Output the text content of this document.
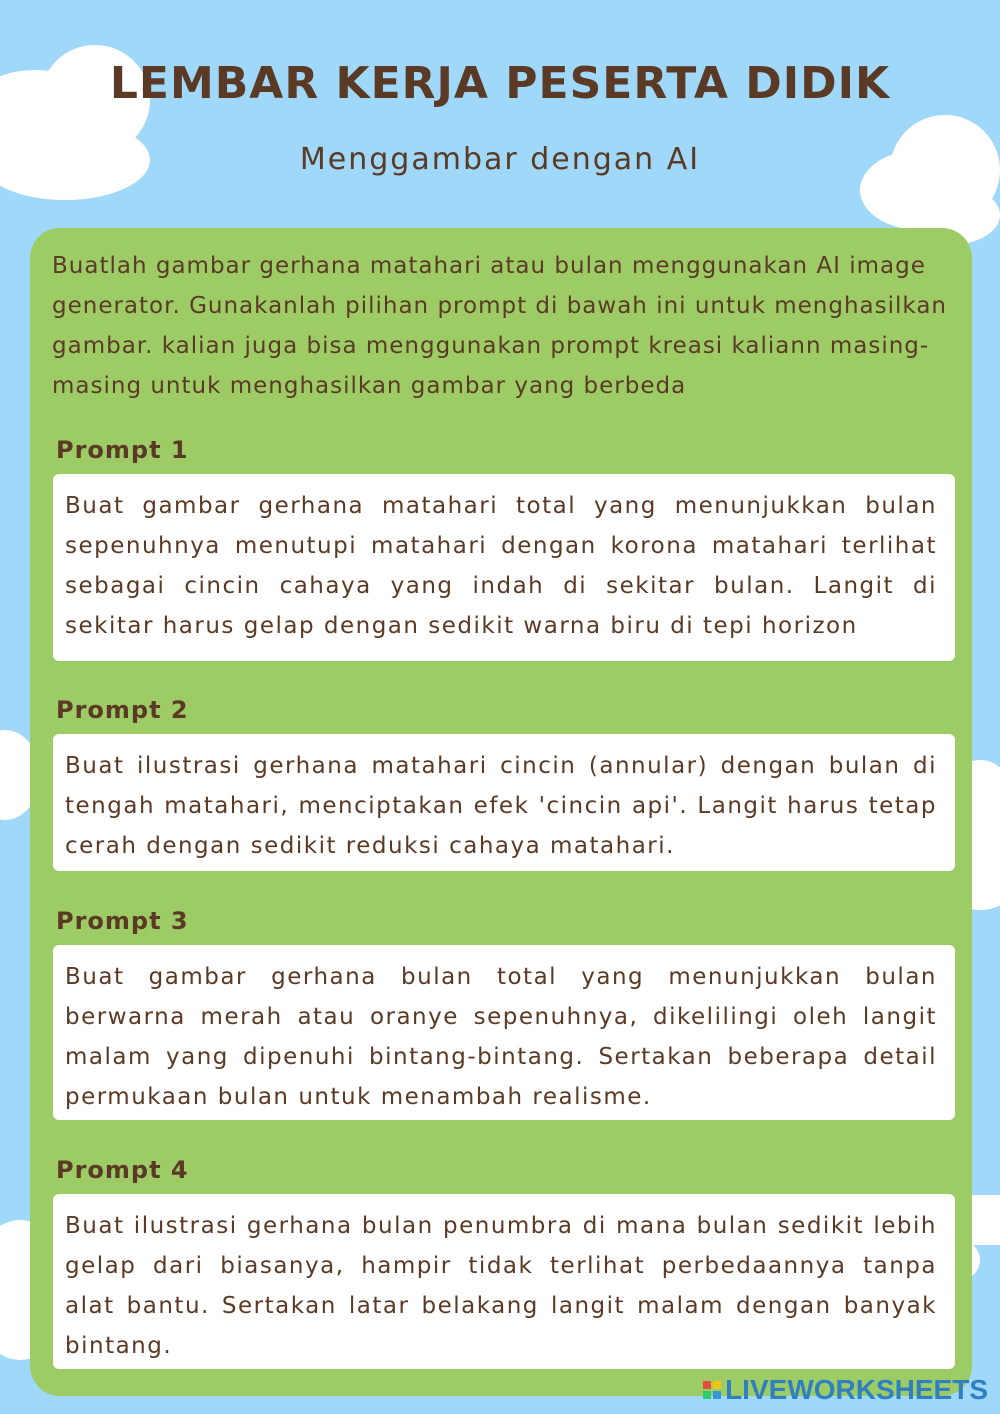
LEMBAR KERJA PESERTA DIDIK
Menggambar dengan AI
Buatlah gambar gerhana matahari atau bulan menggunakan AI image generator. Gunakanlah pilihan prompt di bawah ini untuk menghasilkan gambar. kalian juga bisa menggunakan prompt kreasi kaliann masing-masing untuk menghasilkan gambar yang berbeda
Prompt 1
Buat gambar gerhana matahari total yang menunjukkan bulan sepenuhnya menutupi matahari dengan korona matahari terlihat sebagai cincin cahaya yang indah di sekitar bulan. Langit di sekitar harus gelap dengan sedikit warna biru di tepi horizon
Prompt 2
Buat ilustrasi gerhana matahari cincin (annular) dengan bulan di tengah matahari, menciptakan efek 'cincin api'. Langit harus tetap cerah dengan sedikit reduksi cahaya matahari.
Prompt 3
Buat gambar gerhana bulan total yang menunjukkan bulan berwarna merah atau oranye sepenuhnya, dikelilingi oleh langit malam yang dipenuhi bintang-bintang. Sertakan beberapa detail permukaan bulan untuk menambah realisme.
Prompt 4
Buat ilustrasi gerhana bulan penumbra di mana bulan sedikit lebih gelap dari biasanya, hampir tidak terlihat perbedaannya tanpa alat bantu. Sertakan latar belakang langit malam dengan banyak bintang.
LIVEWORKSHEETS
